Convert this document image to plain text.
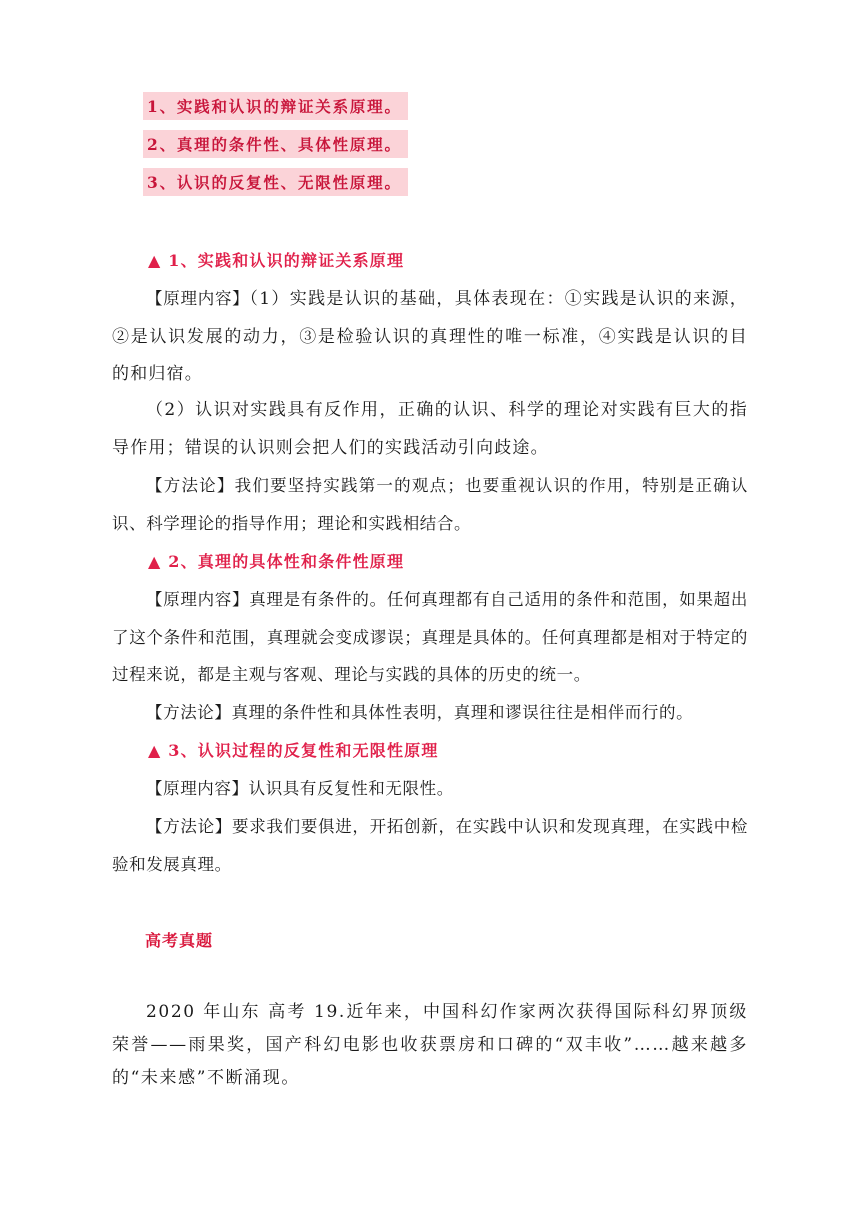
1、实践和认识的辩证关系原理。
2、真理的条件性、具体性原理。
3、认识的反复性、无限性原理。
▲ 1、实践和认识的辩证关系原理
【原理内容】（1）实践是认识的基础，具体表现在：①实践是认识的来源，②是认识发展的动力，③是检验认识的真理性的唯一标准，④实践是认识的目的和归宿。
（2）认识对实践具有反作用，正确的认识、科学的理论对实践有巨大的指导作用；错误的认识则会把人们的实践活动引向歧途。
【方法论】我们要坚持实践第一的观点；也要重视认识的作用，特别是正确认识、科学理论的指导作用；理论和实践相结合。
▲ 2、真理的具体性和条件性原理
【原理内容】真理是有条件的。任何真理都有自己适用的条件和范围，如果超出了这个条件和范围，真理就会变成谬误；真理是具体的。任何真理都是相对于特定的过程来说，都是主观与客观、理论与实践的具体的历史的统一。
【方法论】真理的条件性和具体性表明，真理和谬误往往是相伴而行的。
▲ 3、认识过程的反复性和无限性原理
【原理内容】认识具有反复性和无限性。
【方法论】要求我们要俱进，开拓创新，在实践中认识和发现真理，在实践中检验和发展真理。
高考真题
2020 年山东 高考 19.近年来，中国科幻作家两次获得国际科幻界顶级荣誉——雨果奖，国产科幻电影也收获票房和口碑的“双丰收”……越来越多的“未来感”不断涌现。
